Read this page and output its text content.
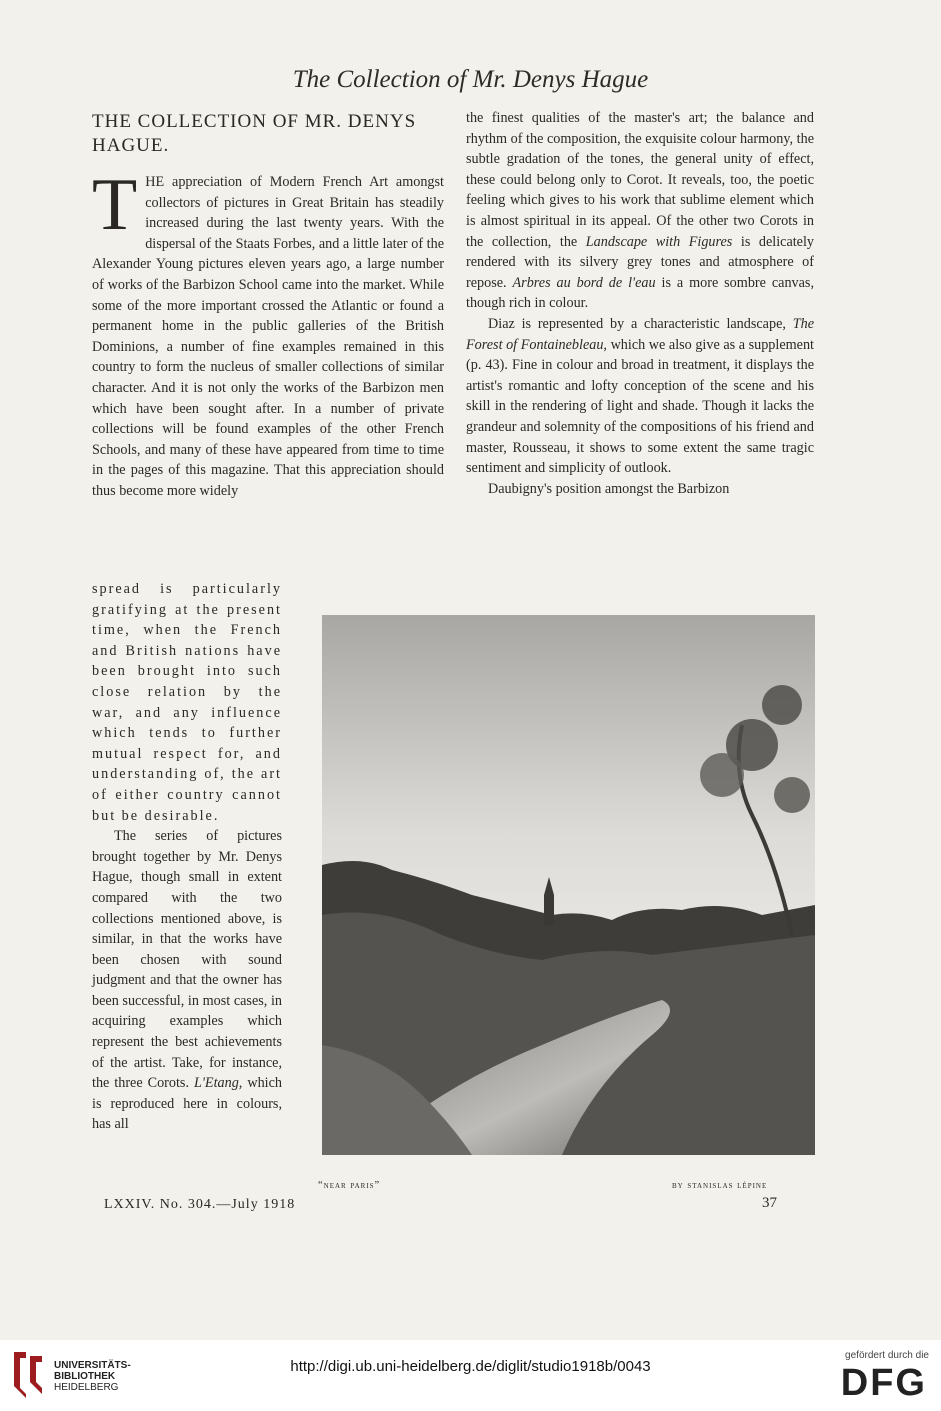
The Collection of Mr. Denys Hague
THE COLLECTION OF MR. DENYS HAGUE.

THE appreciation of Modern French Art amongst collectors of pictures in Great Britain has steadily increased during the last twenty years. With the dispersal of the Staats Forbes, and a little later of the Alexander Young pictures eleven years ago, a large number of works of the Barbizon School came into the market. While some of the more important crossed the Atlantic or found a permanent home in the public galleries of the British Dominions, a number of fine examples remained in this country to form the nucleus of smaller collections of similar character. And it is not only the works of the Barbizon men which have been sought after. In a number of private collections will be found examples of the other French Schools, and many of these have appeared from time to time in the pages of this magazine. That this appreciation should thus become more widely

spread is particularly gratifying at the present time, when the French and British nations have been brought into such close relation by the war, and any influence which tends to further mutual respect for, and understanding of, the art of either country cannot but be desirable.

The series of pictures brought together by Mr. Denys Hague, though small in extent compared with the two collections mentioned above, is similar, in that the works have been chosen with sound judgment and that the owner has been successful, in most cases, in acquiring examples which represent the best achievements of the artist. Take, for instance, the three Corots. L'Etang, which is reproduced here in colours, has all

the finest qualities of the master's art; the balance and rhythm of the composition, the exquisite colour harmony, the subtle gradation of the tones, the general unity of effect, these could belong only to Corot. It reveals, too, the poetic feeling which gives to his work that sublime element which is almost spiritual in its appeal. Of the other two Corots in the collection, the Landscape with Figures is delicately rendered with its silvery grey tones and atmosphere of repose. Arbres au bord de l'eau is a more sombre canvas, though rich in colour.

Diaz is represented by a characteristic landscape, The Forest of Fontainebleau, which we also give as a supplement (p. 43). Fine in colour and broad in treatment, it displays the artist's romantic and lofty conception of the scene and his skill in the rendering of light and shade. Though it lacks the grandeur and solemnity of the compositions of his friend and master, Rousseau, it shows to some extent the same tragic sentiment and simplicity of outlook.

Daubigny's position amongst the Barbizon

“near paris”	by stanislas lépine
LXXIV. No. 304.—July 1918	37
UNIVERSITÄTS-
BIBLIOTHEK
HEIDELBERG
http://digi.ub.uni-heidelberg.de/diglit/studio1918b/0043
gefördert durch die
DFG
